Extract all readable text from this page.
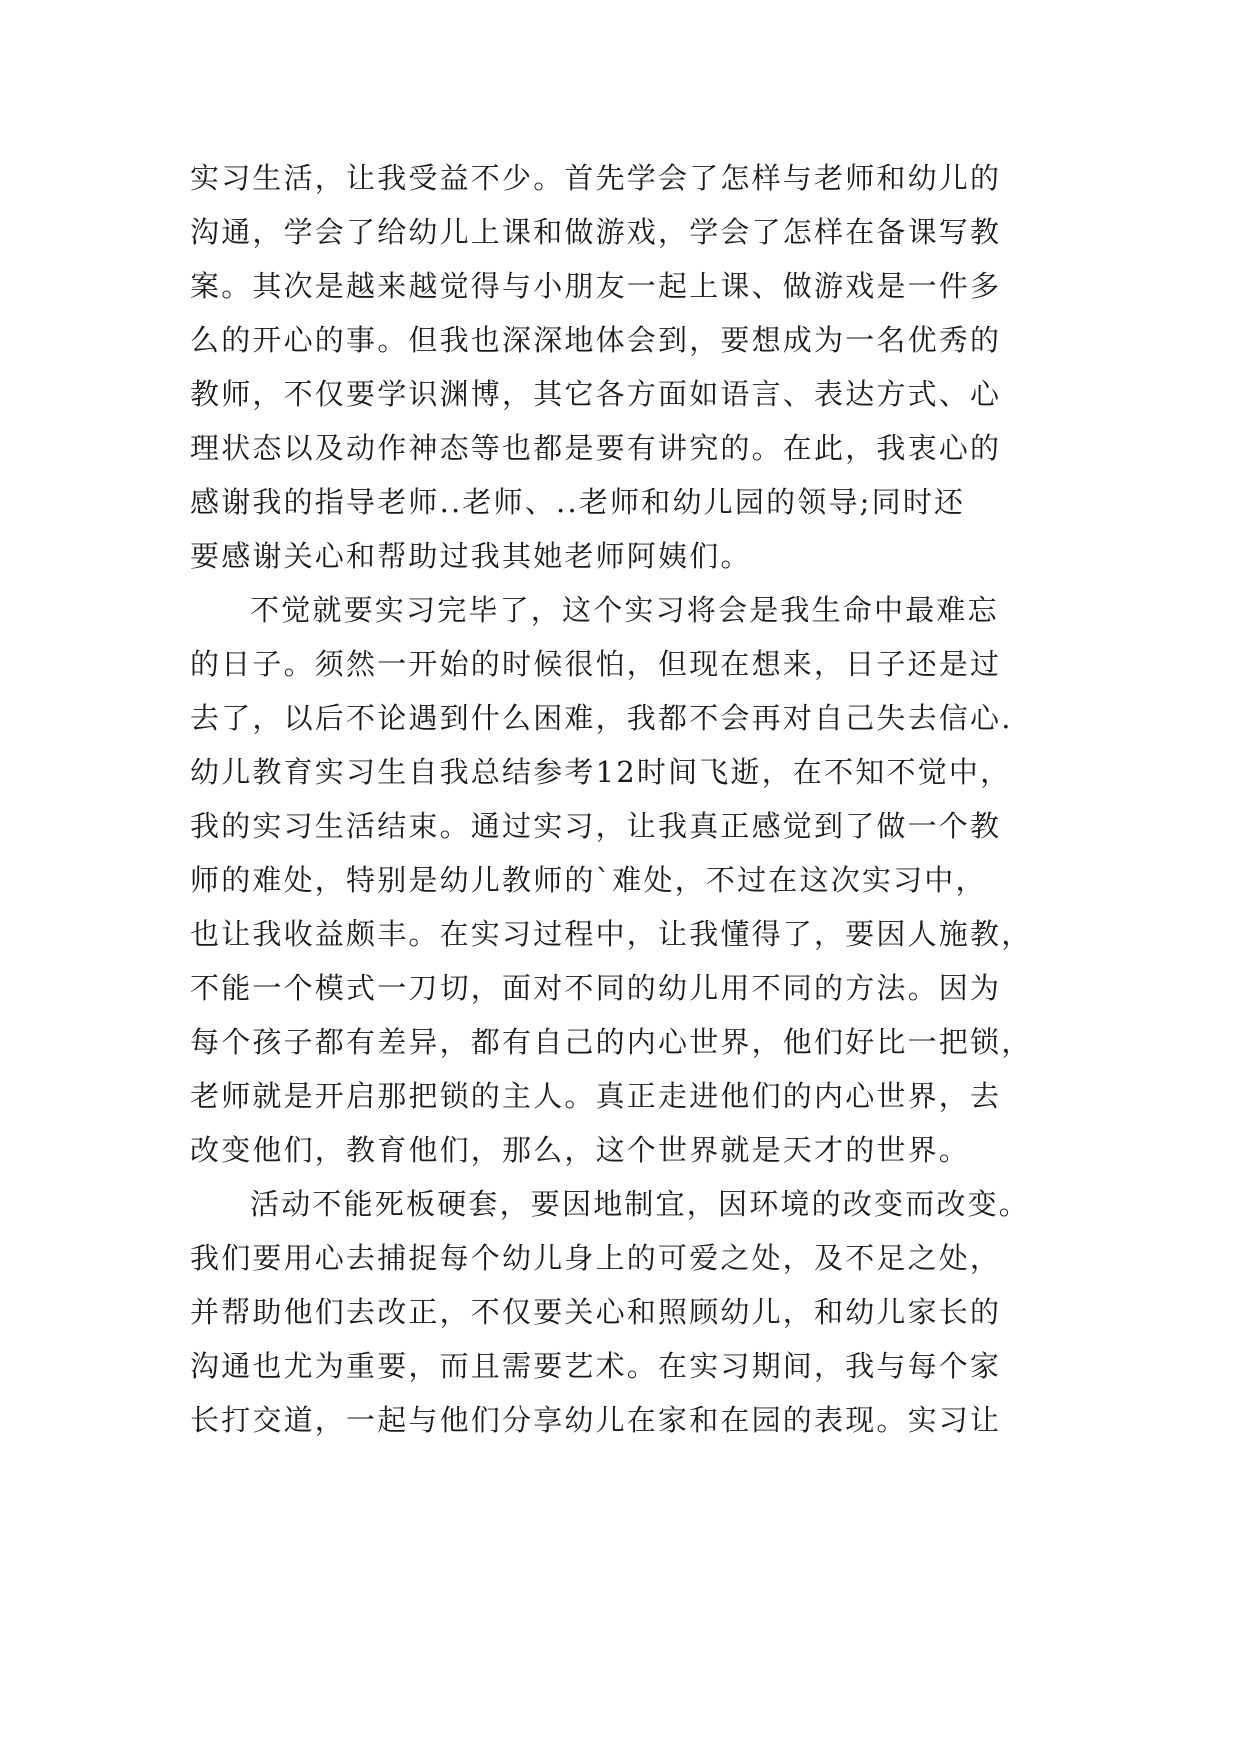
实习生活，让我受益不少。首先学会了怎样与老师和幼儿的
沟通，学会了给幼儿上课和做游戏，学会了怎样在备课写教
案。其次是越来越觉得与小朋友一起上课、做游戏是一件多
么的开心的事。但我也深深地体会到，要想成为一名优秀的
教师，不仅要学识渊博，其它各方面如语言、表达方式、心
理状态以及动作神态等也都是要有讲究的。在此，我衷心的
感谢我的指导老师..老师、..老师和幼儿园的领导;同时还
要感谢关心和帮助过我其她老师阿姨们。
不觉就要实习完毕了，这个实习将会是我生命中最难忘
的日子。须然一开始的时候很怕，但现在想来，日子还是过
去了，以后不论遇到什么困难，我都不会再对自己失去信心.
幼儿教育实习生自我总结参考12时间飞逝，在不知不觉中，
我的实习生活结束。通过实习，让我真正感觉到了做一个教
师的难处，特别是幼儿教师的`难处，不过在这次实习中，
也让我收益颇丰。在实习过程中，让我懂得了，要因人施教，
不能一个模式一刀切，面对不同的幼儿用不同的方法。因为
每个孩子都有差异，都有自己的内心世界，他们好比一把锁，
老师就是开启那把锁的主人。真正走进他们的内心世界，去
改变他们，教育他们，那么，这个世界就是天才的世界。
活动不能死板硬套，要因地制宜，因环境的改变而改变。
我们要用心去捕捉每个幼儿身上的可爱之处，及不足之处，
并帮助他们去改正，不仅要关心和照顾幼儿，和幼儿家长的
沟通也尤为重要，而且需要艺术。在实习期间，我与每个家
长打交道，一起与他们分享幼儿在家和在园的表现。实习让
